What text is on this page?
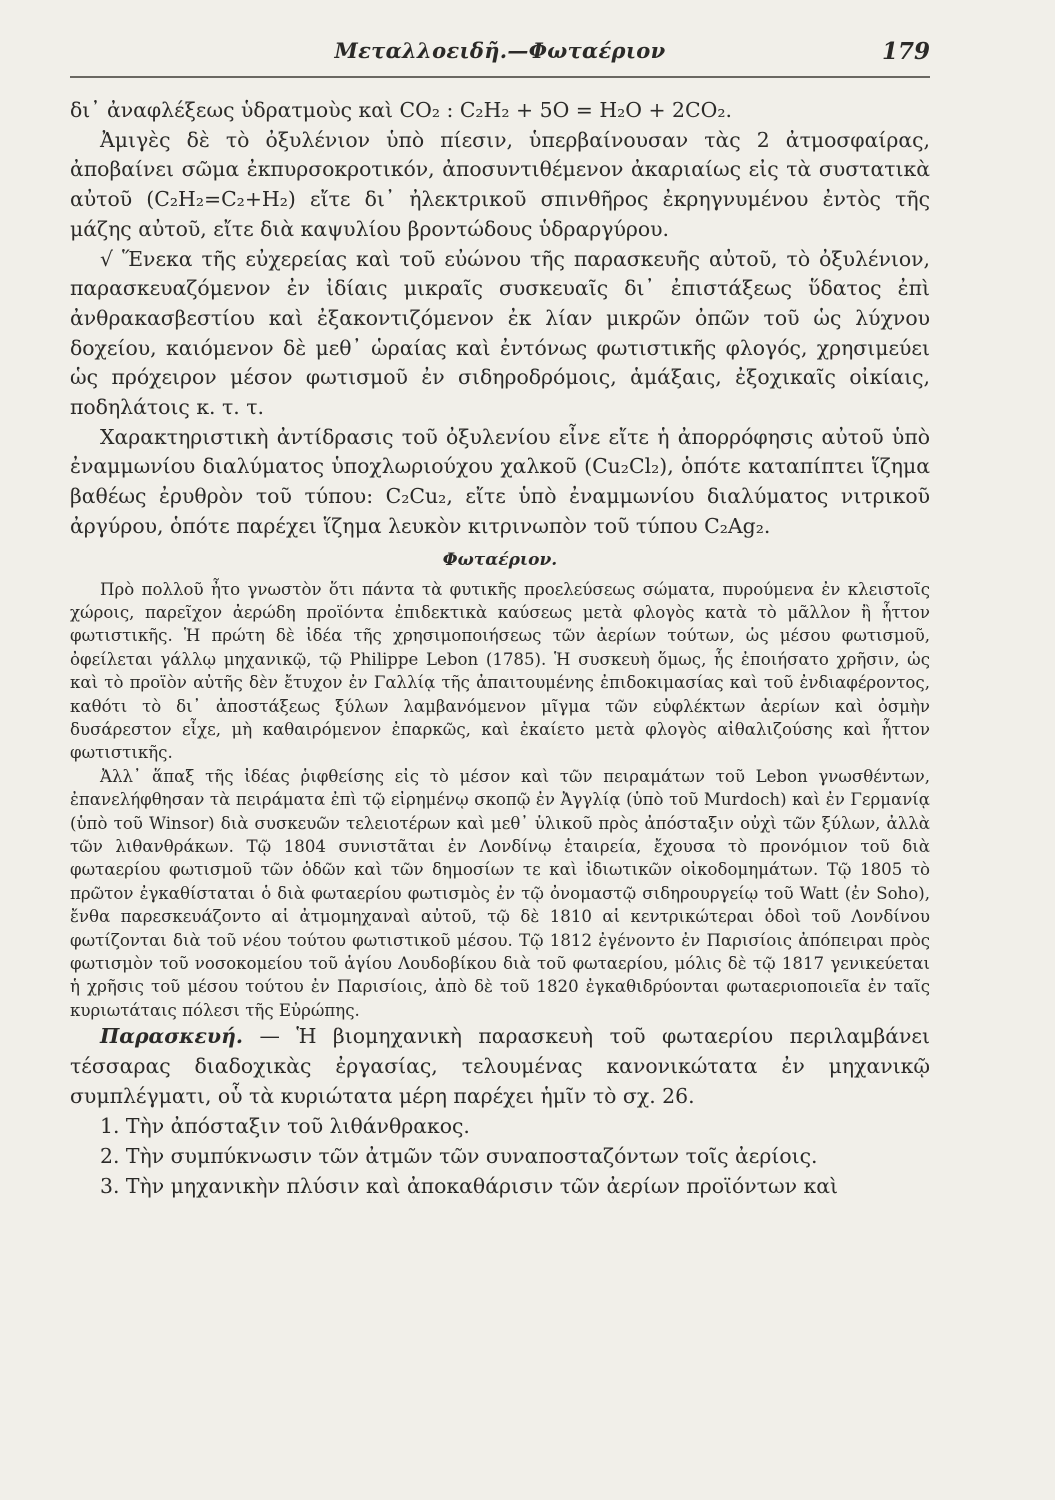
Μεταλλοειδῆ.—Φωταέριον	179

δι᾽ ἀναφλέξεως ὑδρατμοὺς καὶ CO₂ : C₂H₂ + 5O = H₂O + 2CO₂.

Ἀμιγὲς δὲ τὸ ὀξυλένιον ὑπὸ πίεσιν, ὑπερβαίνουσαν τὰς 2 ἀτμοσφαίρας, ἀποβαίνει σῶμα ἐκπυρσοκροτικόν, ἀποσυντιθέμενον ἀκαριαίως εἰς τὰ συστατικὰ αὐτοῦ (C₂H₂=C₂+H₂) εἴτε δι᾽ ἠλεκτρικοῦ σπινθῆρος ἐκρηγνυμένου ἐντὸς τῆς μάζης αὐτοῦ, εἴτε διὰ καψυλίου βροντώδους ὑδραργύρου.

√ Ἕνεκα τῆς εὐχερείας καὶ τοῦ εὐώνου τῆς παρασκευῆς αὐτοῦ, τὸ ὀξυλένιον, παρασκευαζόμενον ἐν ἰδίαις μικραῖς συσκευαῖς δι᾽ ἐπιστάξεως ὕδατος ἐπὶ ἀνθρακασβεστίου καὶ ἐξακοντιζόμενον ἐκ λίαν μικρῶν ὀπῶν τοῦ ὡς λύχνου δοχείου, καιόμενον δὲ μεθ᾽ ὡραίας καὶ ἐντόνως φωτιστικῆς φλογός, χρησιμεύει ὡς πρόχειρον μέσον φωτισμοῦ ἐν σιδηροδρόμοις, ἁμάξαις, ἐξοχικαῖς οἰκίαις, ποδηλάτοις κ. τ. τ.

Χαρακτηριστικὴ ἀντίδρασις τοῦ ὀξυλενίου εἶνε εἴτε ἡ ἀπορρόφησις αὐτοῦ ὑπὸ ἐναμμωνίου διαλύματος ὑποχλωριούχου χαλκοῦ (Cu₂Cl₂), ὁπότε καταπίπτει ἵζημα βαθέως ἐρυθρὸν τοῦ τύπου: C₂Cu₂, εἴτε ὑπὸ ἐναμμωνίου διαλύματος νιτρικοῦ ἀργύρου, ὁπότε παρέχει ἵζημα λευκὸν κιτρινωπὸν τοῦ τύπου C₂Ag₂.

Φωταέριον.

Πρὸ πολλοῦ ἦτο γνωστὸν ὅτι πάντα τὰ φυτικῆς προελεύσεως σώματα, πυρούμενα ἐν κλειστοῖς χώροις, παρεῖχον ἀερώδη προϊόντα ἐπιδεκτικὰ καύσεως μετὰ φλογὸς κατὰ τὸ μᾶλλον ἢ ἧττον φωτιστικῆς. Ἡ πρώτη δὲ ἰδέα τῆς χρησιμοποιήσεως τῶν ἀερίων τούτων, ὡς μέσου φωτισμοῦ, ὀφείλεται γάλλῳ μηχανικῷ, τῷ Philippe Lebon (1785). Ἡ συσκευὴ ὅμως, ἧς ἐποιήσατο χρῆσιν, ὡς καὶ τὸ προϊὸν αὐτῆς δὲν ἔτυχον ἐν Γαλλίᾳ τῆς ἀπαιτουμένης ἐπιδοκιμασίας καὶ τοῦ ἐνδιαφέροντος, καθότι τὸ δι᾽ ἀποστάξεως ξύλων λαμβανόμενον μῖγμα τῶν εὐφλέκτων ἀερίων καὶ ὀσμὴν δυσάρεστον εἶχε, μὴ καθαιρόμενον ἐπαρκῶς, καὶ ἐκαίετο μετὰ φλογὸς αἰθαλιζούσης καὶ ἧττον φωτιστικῆς.

Ἀλλ᾽ ἅπαξ τῆς ἰδέας ῥιφθείσης εἰς τὸ μέσον καὶ τῶν πειραμάτων τοῦ Lebon γνωσθέντων, ἐπανελήφθησαν τὰ πειράματα ἐπὶ τῷ εἰρημένῳ σκοπῷ ἐν Ἀγγλίᾳ (ὑπὸ τοῦ Murdoch) καὶ ἐν Γερμανίᾳ (ὑπὸ τοῦ Winsor) διὰ συσκευῶν τελειοτέρων καὶ μεθ᾽ ὑλικοῦ πρὸς ἀπόσταξιν οὐχὶ τῶν ξύλων, ἀλλὰ τῶν λιθανθράκων. Τῷ 1804 συνιστᾶται ἐν Λονδίνῳ ἑταιρεία, ἔχουσα τὸ προνόμιον τοῦ διὰ φωταερίου φωτισμοῦ τῶν ὁδῶν καὶ τῶν δημοσίων τε καὶ ἰδιωτικῶν οἰκοδομημάτων. Τῷ 1805 τὸ πρῶτον ἐγκαθίσταται ὁ διὰ φωταερίου φωτισμὸς ἐν τῷ ὀνομαστῷ σιδηρουργείῳ τοῦ Watt (ἐν Soho), ἔνθα παρεσκευάζοντο αἱ ἀτμομηχαναὶ αὐτοῦ, τῷ δὲ 1810 αἱ κεντρικώτεραι ὁδοὶ τοῦ Λονδίνου φωτίζονται διὰ τοῦ νέου τούτου φωτιστικοῦ μέσου. Τῷ 1812 ἐγένοντο ἐν Παρισίοις ἀπόπειραι πρὸς φωτισμὸν τοῦ νοσοκομείου τοῦ ἁγίου Λουδοβίκου διὰ τοῦ φωταερίου, μόλις δὲ τῷ 1817 γενικεύεται ἡ χρῆσις τοῦ μέσου τούτου ἐν Παρισίοις, ἀπὸ δὲ τοῦ 1820 ἐγκαθιδρύονται φωταεριοποιεῖα ἐν ταῖς κυριωτάταις πόλεσι τῆς Εὐρώπης.

Παρασκευή. — Ἡ βιομηχανικὴ παρασκευὴ τοῦ φωταερίου περιλαμβάνει τέσσαρας διαδοχικὰς ἐργασίας, τελουμένας κανονικώτατα ἐν μηχανικῷ συμπλέγματι, οὗ τὰ κυριώτατα μέρη παρέχει ἡμῖν τὸ σχ. 26.

1. Τὴν ἀπόσταξιν τοῦ λιθάνθρακος.

2. Τὴν συμπύκνωσιν τῶν ἀτμῶν τῶν συναποσταζόντων τοῖς ἀερίοις.

3. Τὴν μηχανικὴν πλύσιν καὶ ἀποκαθάρισιν τῶν ἀερίων προϊόντων καὶ
